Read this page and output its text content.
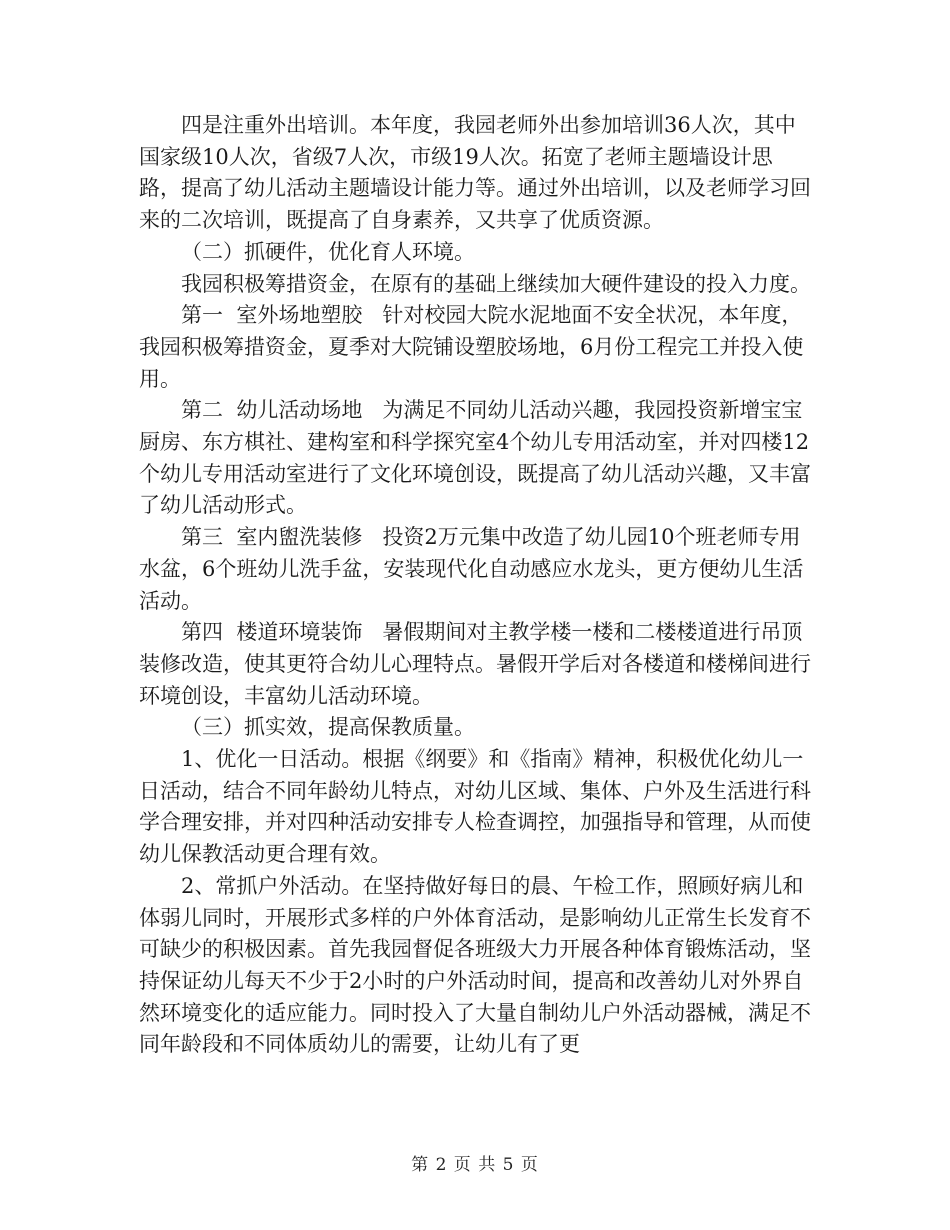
四是注重外出培训。本年度，我园老师外出参加培训36人次，其中国家级10人次，省级7人次，市级19人次。拓宽了老师主题墙设计思路，提高了幼儿活动主题墙设计能力等。通过外出培训，以及老师学习回来的二次培训，既提高了自身素养，又共享了优质资源。

（二）抓硬件，优化育人环境。

我园积极筹措资金，在原有的基础上继续加大硬件建设的投入力度。

第一  室外场地塑胶   针对校园大院水泥地面不安全状况，本年度，我园积极筹措资金，夏季对大院铺设塑胶场地，6月份工程完工并投入使用。

第二  幼儿活动场地   为满足不同幼儿活动兴趣，我园投资新增宝宝厨房、东方棋社、建构室和科学探究室4个幼儿专用活动室，并对四楼12个幼儿专用活动室进行了文化环境创设，既提高了幼儿活动兴趣，又丰富了幼儿活动形式。

第三  室内盥洗装修   投资2万元集中改造了幼儿园10个班老师专用水盆，6个班幼儿洗手盆，安装现代化自动感应水龙头，更方便幼儿生活活动。

第四  楼道环境装饰   暑假期间对主教学楼一楼和二楼楼道进行吊顶装修改造，使其更符合幼儿心理特点。暑假开学后对各楼道和楼梯间进行环境创设，丰富幼儿活动环境。

（三）抓实效，提高保教质量。

1、优化一日活动。根据《纲要》和《指南》精神，积极优化幼儿一日活动，结合不同年龄幼儿特点，对幼儿区域、集体、户外及生活进行科学合理安排，并对四种活动安排专人检查调控，加强指导和管理，从而使幼儿保教活动更合理有效。

2、常抓户外活动。在坚持做好每日的晨、午检工作，照顾好病儿和体弱儿同时，开展形式多样的户外体育活动，是影响幼儿正常生长发育不可缺少的积极因素。首先我园督促各班级大力开展各种体育锻炼活动，坚持保证幼儿每天不少于2小时的户外活动时间，提高和改善幼儿对外界自然环境变化的适应能力。同时投入了大量自制幼儿户外活动器械，满足不同年龄段和不同体质幼儿的需要，让幼儿有了更

第 2 页 共 5 页
